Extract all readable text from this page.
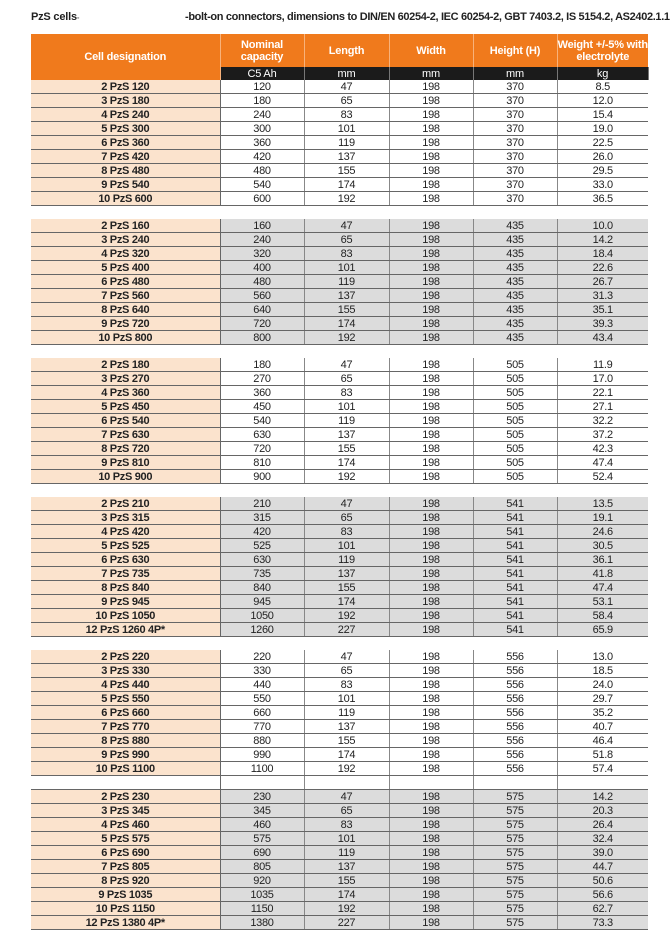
PzS cells◦	-bolt-on connectors, dimensions to DIN/EN 60254-2, IEC 60254-2, GBT 7403.2, IS 5154.2, AS2402.1.1
Cell designation	Nominal capacity	Length	Width	Height (H)	Weight +/-5% with electrolyte
	C5 Ah	mm	mm	mm	kg
2 PzS 120	120	47	198	370	8.5
3 PzS 180	180	65	198	370	12.0
4 PzS 240	240	83	198	370	15.4
5 PzS 300	300	101	198	370	19.0
6 PzS 360	360	119	198	370	22.5
7 PzS 420	420	137	198	370	26.0
8 PzS 480	480	155	198	370	29.5
9 PzS 540	540	174	198	370	33.0
10 PzS 600	600	192	198	370	36.5

2 PzS 160	160	47	198	435	10.0
3 PzS 240	240	65	198	435	14.2
4 PzS 320	320	83	198	435	18.4
5 PzS 400	400	101	198	435	22.6
6 PzS 480	480	119	198	435	26.7
7 PzS 560	560	137	198	435	31.3
8 PzS 640	640	155	198	435	35.1
9 PzS 720	720	174	198	435	39.3
10 PzS 800	800	192	198	435	43.4

2 PzS 180	180	47	198	505	11.9
3 PzS 270	270	65	198	505	17.0
4 PzS 360	360	83	198	505	22.1
5 PzS 450	450	101	198	505	27.1
6 PzS 540	540	119	198	505	32.2
7 PzS 630	630	137	198	505	37.2
8 PzS 720	720	155	198	505	42.3
9 PzS 810	810	174	198	505	47.4
10 PzS 900	900	192	198	505	52.4

2 PzS 210	210	47	198	541	13.5
3 PzS 315	315	65	198	541	19.1
4 PzS 420	420	83	198	541	24.6
5 PzS 525	525	101	198	541	30.5
6 PzS 630	630	119	198	541	36.1
7 PzS 735	735	137	198	541	41.8
8 PzS 840	840	155	198	541	47.4
9 PzS 945	945	174	198	541	53.1
10 PzS 1050	1050	192	198	541	58.4
12 PzS 1260 4P*	1260	227	198	541	65.9

2 PzS 220	220	47	198	556	13.0
3 PzS 330	330	65	198	556	18.5
4 PzS 440	440	83	198	556	24.0
5 PzS 550	550	101	198	556	29.7
6 PzS 660	660	119	198	556	35.2
7 PzS 770	770	137	198	556	40.7
8 PzS 880	880	155	198	556	46.4
9 PzS 990	990	174	198	556	51.8
10 PzS 1100	1100	192	198	556	57.4

2 PzS 230	230	47	198	575	14.2
3 PzS 345	345	65	198	575	20.3
4 PzS 460	460	83	198	575	26.4
5 PzS 575	575	101	198	575	32.4
6 PzS 690	690	119	198	575	39.0
7 PzS 805	805	137	198	575	44.7
8 PzS 920	920	155	198	575	50.6
9 PzS 1035	1035	174	198	575	56.6
10 PzS 1150	1150	192	198	575	62.7
12 PzS 1380 4P*	1380	227	198	575	73.3
